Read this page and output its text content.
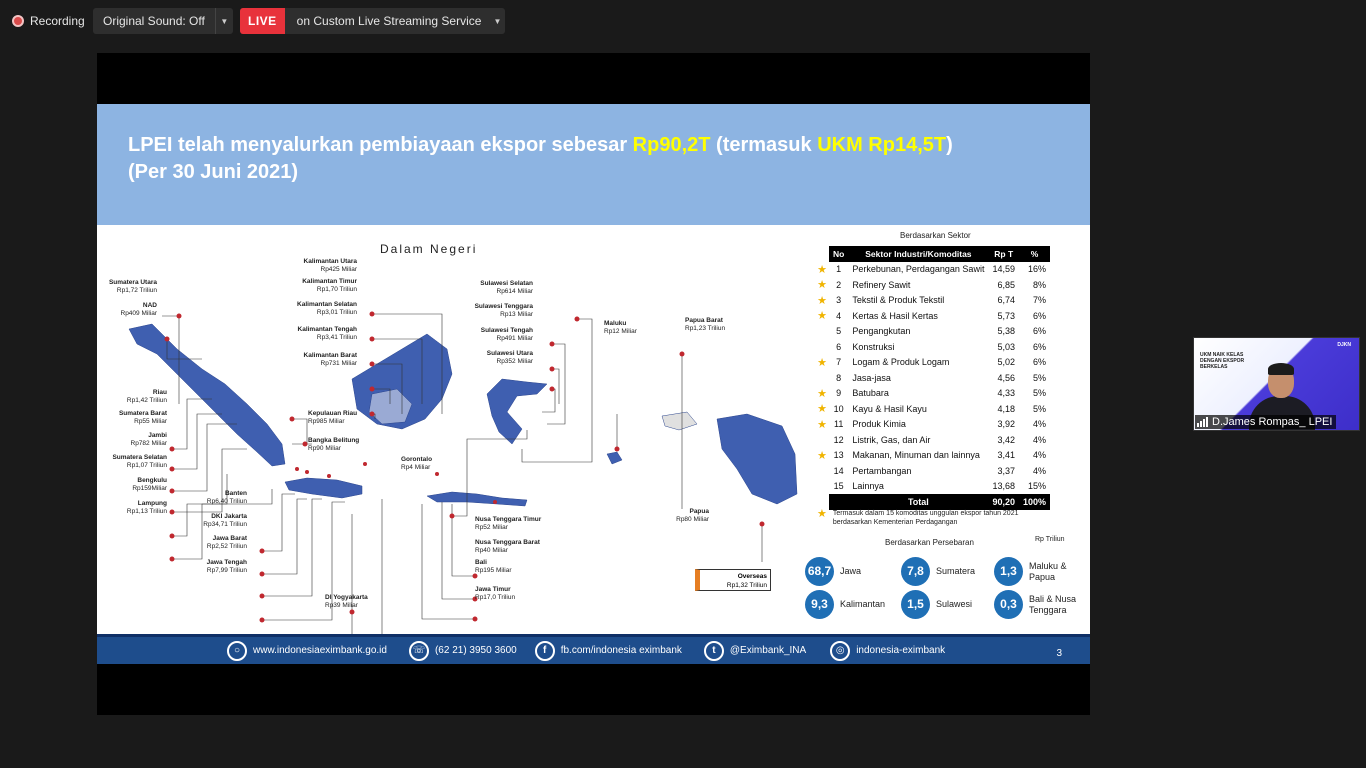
Recording	Original Sound: Off	▼	LIVE	on Custom Live Streaming Service	▼
LPEI telah menyalurkan pembiayaan ekspor sebesar Rp90,2T (termasuk UKM Rp14,5T)
(Per 30 Juni 2021)
Dalam Negeri
Sumatera Utara
Rp1,72 Triliun
NAD
Rp409 Miliar
Riau
Rp1,42 Triliun
Sumatera Barat
Rp55 Miliar
Jambi
Rp782 Miliar
Sumatera Selatan
Rp1,07 Triliun
Bengkulu
Rp159Miliar
Lampung
Rp1,13 Triliun
Banten
Rp6,40 Triliun
DKI Jakarta
Rp34,71 Triliun
Jawa Barat
Rp2,52 Triliun
Jawa Tengah
Rp7,99 Triliun
DI Yogyakarta
Rp39 Miliar
Kalimantan Utara
Rp425 Miliar
Kalimantan Timur
Rp1,70 Triliun
Kalimantan Selatan
Rp3,01 Triliun
Kalimantan Tengah
Rp3,41 Triliun
Kalimantan Barat
Rp731 Miliar
Kepulauan Riau
Rp985 Miliar
Bangka Belitung
Rp90 Miliar
Gorontalo
Rp4 Miliar
Sulawesi Selatan
Rp614 Miliar
Sulawesi Tenggara
Rp13 Miliar
Sulawesi Tengah
Rp491 Miliar
Sulawesi Utara
Rp352 Miliar
Maluku
Rp12 Miliar
Papua Barat
Rp1,23 Triliun
Papua
Rp80 Miliar
Nusa Tenggara Timur
Rp52 Miliar
Nusa Tenggara Barat
Rp40 Miliar
Bali
Rp195 Miliar
Jawa Timur
Rp17,0 Triliun
Overseas
Rp1,32 Triliun
Berdasarkan Sektor
	No	Sektor Industri/Komoditas	Rp T	%
★	1	Perkebunan, Perdagangan Sawit	14,59	16%
★	2	Refinery Sawit	6,85	8%
★	3	Tekstil & Produk Tekstil	6,74	7%
★	4	Kertas & Hasil Kertas	5,73	6%
	5	Pengangkutan	5,38	6%
	6	Konstruksi	5,03	6%
★	7	Logam & Produk Logam	5,02	6%
	8	Jasa-jasa	4,56	5%
★	9	Batubara	4,33	5%
★	10	Kayu & Hasil Kayu	4,18	5%
★	11	Produk Kimia	3,92	4%
	12	Listrik, Gas, dan Air	3,42	4%
★	13	Makanan, Minuman dan lainnya	3,41	4%
	14	Pertambangan	3,37	4%
	15	Lainnya	13,68	15%
		Total	90,20	100%
★ Termasuk dalam 15 komoditas unggulan ekspor tahun 2021
berdasarkan Kementerian Perdagangan
Berdasarkan Persebaran	Rp Triliun
68,7 Jawa	7,8	Sumatera	1,3	Maluku & Papua
9,3	Kalimantan	1,5	Sulawesi	0,3	Bali & Nusa Tenggara
○	www.indonesiaeximbank.go.id	☏ (62 21) 3950 3600	f	fb.com/indonesia eximbank	t	@Eximbank_INA	◎	indonesia-eximbank	3
UKM NAIK KELAS DENGAN EKSPOR BERKELAS
DJKN
D.James Rompas_ LPEI
